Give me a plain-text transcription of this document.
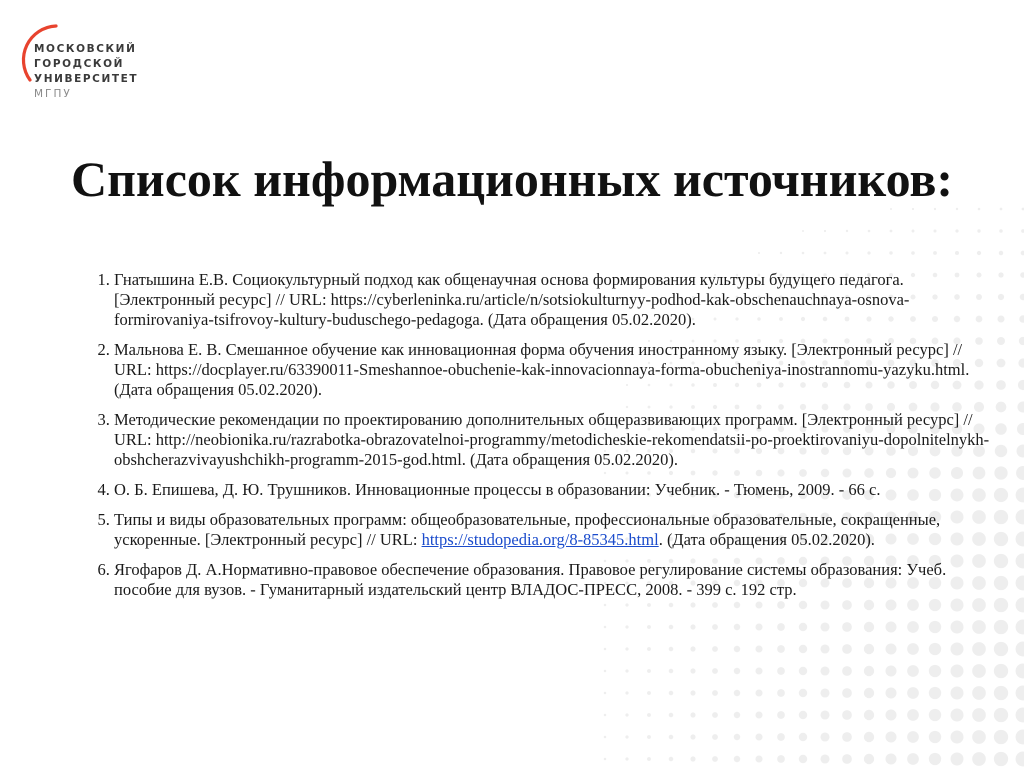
МОСКОВСКИЙ
ГОРОДСКОЙ
УНИВЕРСИТЕТ
МГПУ
Список информационных источников:
1. Гнатышина Е.В. Социокультурный подход как общенаучная основа формирования культуры будущего педагога. [Электронный ресурс] // URL: https://cyberleninka.ru/article/n/sotsiokulturnyy-podhod-kak-obschenauchnaya-osnova-formirovaniya-tsifrovoy-kultury-buduschego-pedagoga. (Дата обращения 05.02.2020).
2. Мальнова Е. В. Смешанное обучение как инновационная форма обучения иностранному языку. [Электронный ресурс] // URL: https://docplayer.ru/63390011-Smeshannoe-obuchenie-kak-innovacionnaya-forma-obucheniya-inostrannomu-yazyku.html. (Дата обращения 05.02.2020).
3. Методические рекомендации по проектированию дополнительных общеразвивающих программ. [Электронный ресурс] // URL: http://neobionika.ru/razrabotka-obrazovatelnoi-programmy/metodicheskie-rekomendatsii-po-proektirovaniyu-dopolnitelnykh-obshcherazvivayushchikh-programm-2015-god.html. (Дата обращения 05.02.2020).
4. О. Б. Епишева, Д. Ю. Трушников. Инновационные процессы в образовании: Учебник. - Тюмень, 2009. - 66 с.
5. Типы и виды образовательных программ: общеобразовательные, профессиональные образовательные, сокращенные, ускоренные. [Электронный ресурс] // URL: https://studopedia.org/8-85345.html. (Дата обращения 05.02.2020).
6. Ягофаров Д. А.Нормативно-правовое обеспечение образования. Правовое регулирование системы образования: Учеб. пособие для вузов. - Гуманитарный издательский центр ВЛАДОС-ПРЕСС, 2008. - 399 с. 192 стр.
